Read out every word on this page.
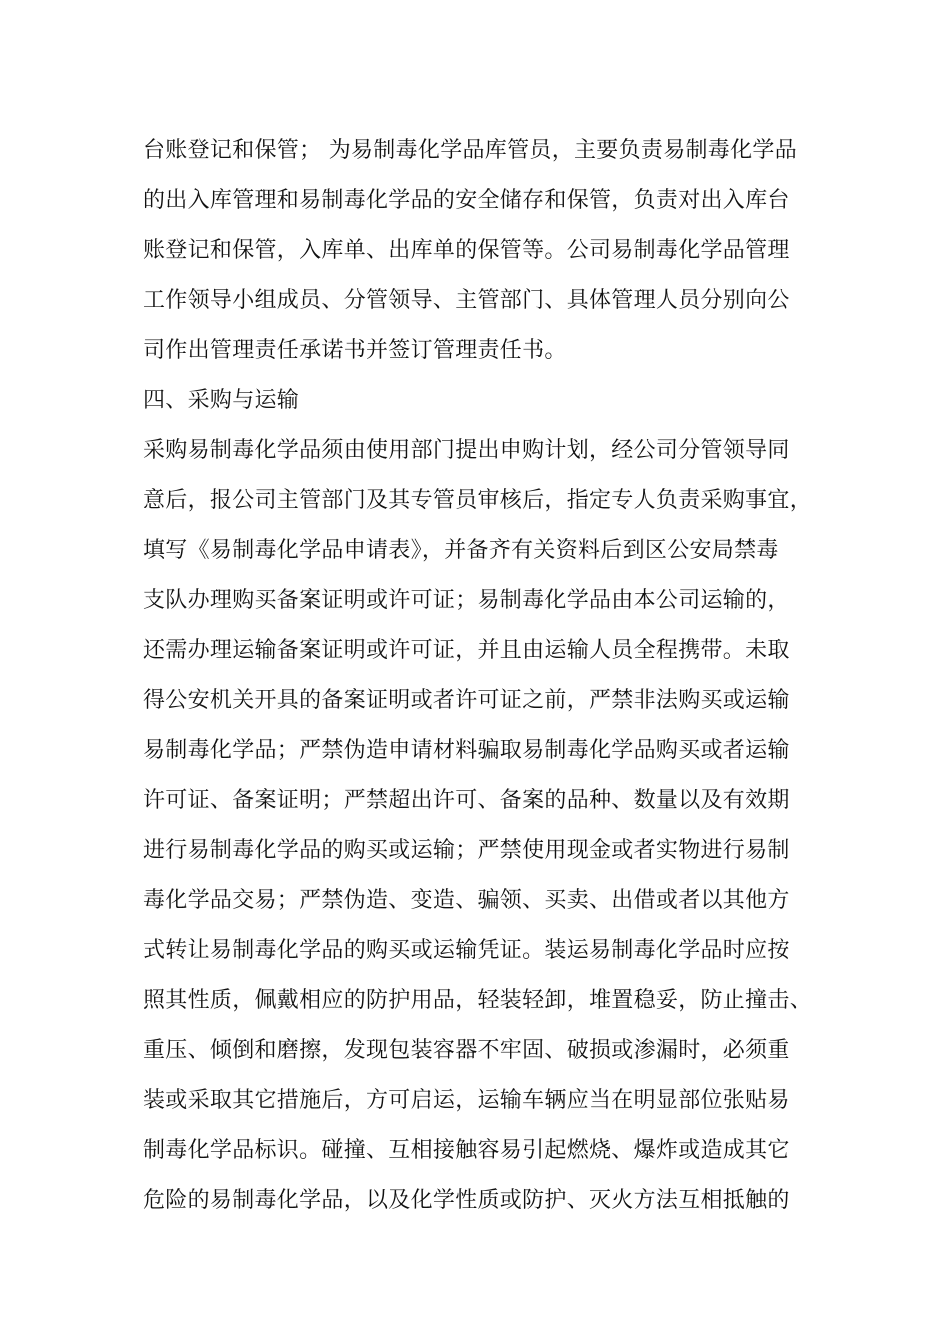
台账登记和保管； 为易制毒化学品库管员，主要负责易制毒化学品
的出入库管理和易制毒化学品的安全储存和保管，负责对出入库台
账登记和保管，入库单、出库单的保管等。公司易制毒化学品管理
工作领导小组成员、分管领导、主管部门、具体管理人员分别向公
司作出管理责任承诺书并签订管理责任书。
四、采购与运输
采购易制毒化学品须由使用部门提出申购计划，经公司分管领导同
意后，报公司主管部门及其专管员审核后，指定专人负责采购事宜，
填写《易制毒化学品申请表》，并备齐有关资料后到区公安局禁毒
支队办理购买备案证明或许可证；易制毒化学品由本公司运输的，
还需办理运输备案证明或许可证，并且由运输人员全程携带。未取
得公安机关开具的备案证明或者许可证之前，严禁非法购买或运输
易制毒化学品；严禁伪造申请材料骗取易制毒化学品购买或者运输
许可证、备案证明；严禁超出许可、备案的品种、数量以及有效期
进行易制毒化学品的购买或运输；严禁使用现金或者实物进行易制
毒化学品交易；严禁伪造、变造、骗领、买卖、出借或者以其他方
式转让易制毒化学品的购买或运输凭证。装运易制毒化学品时应按
照其性质，佩戴相应的防护用品，轻装轻卸，堆置稳妥，防止撞击、
重压、倾倒和磨擦，发现包装容器不牢固、破损或渗漏时，必须重
装或采取其它措施后，方可启运，运输车辆应当在明显部位张贴易
制毒化学品标识。碰撞、互相接触容易引起燃烧、爆炸或造成其它
危险的易制毒化学品，以及化学性质或防护、灭火方法互相抵触的
